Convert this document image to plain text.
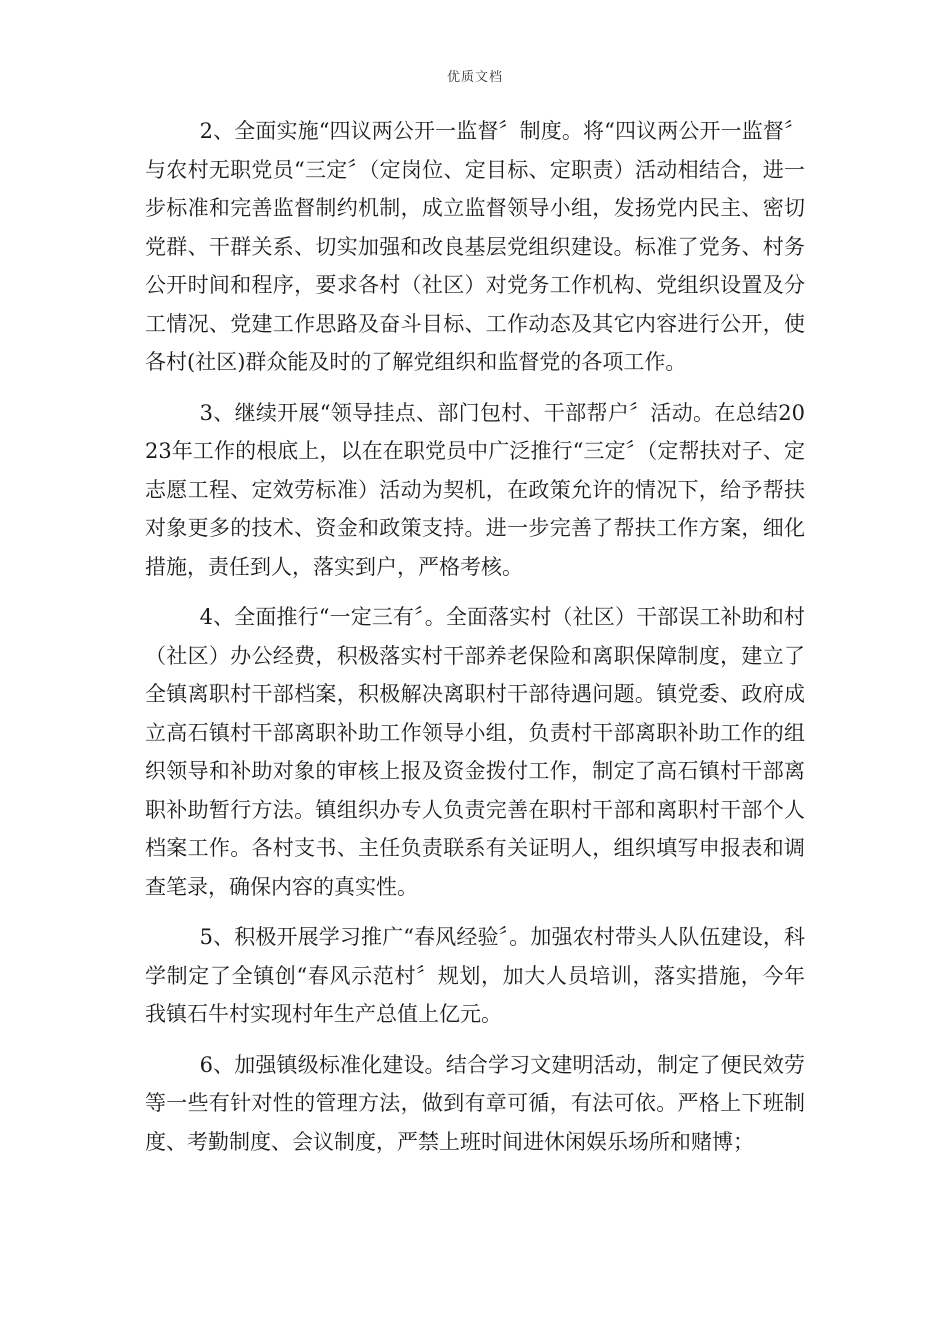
优质文档

2、全面实施“四议两公开一监督〞制度。将“四议两公开一监督〞与农村无职党员“三定〞（定岗位、定目标、定职责）活动相结合，进一步标准和完善监督制约机制，成立监督领导小组，发扬党内民主、密切党群、干群关系、切实加强和改良基层党组织建设。标准了党务、村务公开时间和程序，要求各村（社区）对党务工作机构、党组织设置及分工情况、党建工作思路及奋斗目标、工作动态及其它内容进行公开，使各村(社区)群众能及时的了解党组织和监督党的各项工作。

3、继续开展“领导挂点、部门包村、干部帮户〞活动。在总结2023年工作的根底上，以在在职党员中广泛推行“三定〞（定帮扶对子、定志愿工程、定效劳标准）活动为契机，在政策允许的情况下，给予帮扶对象更多的技术、资金和政策支持。进一步完善了帮扶工作方案，细化措施，责任到人，落实到户，严格考核。

4、全面推行“一定三有〞。全面落实村（社区）干部误工补助和村（社区）办公经费，积极落实村干部养老保险和离职保障制度，建立了全镇离职村干部档案，积极解决离职村干部待遇问题。镇党委、政府成立高石镇村干部离职补助工作领导小组，负责村干部离职补助工作的组织领导和补助对象的审核上报及资金拨付工作，制定了高石镇村干部离职补助暂行方法。镇组织办专人负责完善在职村干部和离职村干部个人档案工作。各村支书、主任负责联系有关证明人，组织填写申报表和调查笔录，确保内容的真实性。

5、积极开展学习推广“春风经验〞。加强农村带头人队伍建设，科学制定了全镇创“春风示范村〞规划，加大人员培训，落实措施，今年我镇石牛村实现村年生产总值上亿元。

6、加强镇级标准化建设。结合学习文建明活动，制定了便民效劳等一些有针对性的管理方法，做到有章可循，有法可依。严格上下班制度、考勤制度、会议制度，严禁上班时间进休闲娱乐场所和赌博；
